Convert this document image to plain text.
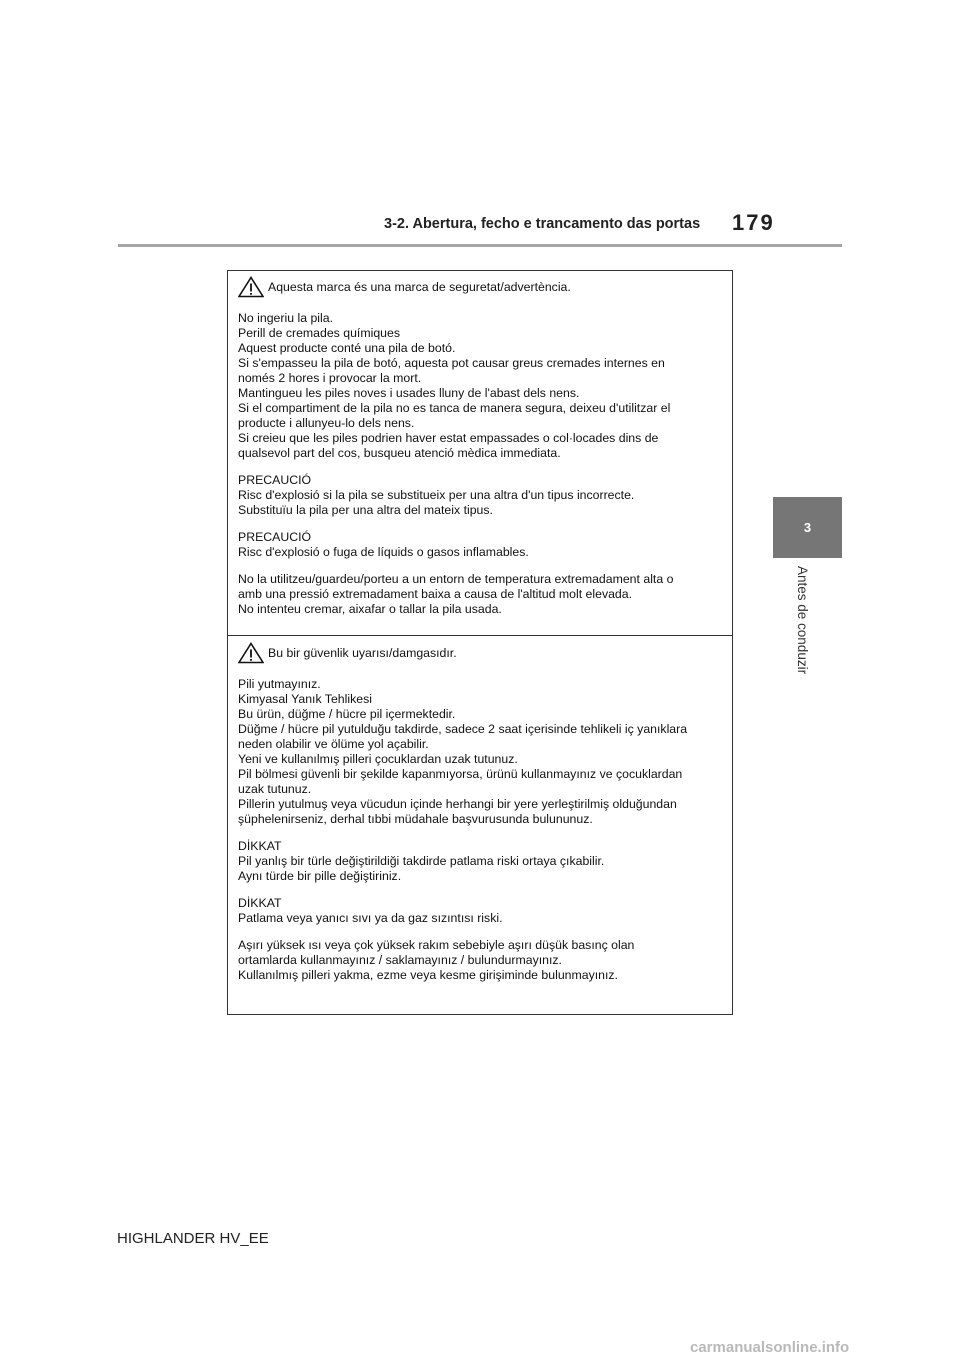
3-2. Abertura, fecho e trancamento das portas 179
3
Antes de conduzir
Aquesta marca és una marca de seguretat/advertència.

No ingeriu la pila.

Perill de cremades químiques

Aquest producte conté una pila de botó.

Si s'empasseu la pila de botó, aquesta pot causar greus cremades internes en

només 2 hores i provocar la mort.

Mantingueu les piles noves i usades lluny de l'abast dels nens.

Si el compartiment de la pila no es tanca de manera segura, deixeu d'utilitzar el

producte i allunyeu-lo dels nens.

Si creieu que les piles podrien haver estat empassades o col·locades dins de

qualsevol part del cos, busqueu atenció mèdica immediata.

PRECAUCIÓ

Risc d'explosió si la pila se substitueix per una altra d'un tipus incorrecte.

Substituïu la pila per una altra del mateix tipus.

PRECAUCIÓ

Risc d'explosió o fuga de líquids o gasos inflamables.

No la utilitzeu/guardeu/porteu a un entorn de temperatura extremadament alta o

amb una pressió extremadament baixa a causa de l'altitud molt elevada.

No intenteu cremar, aixafar o tallar la pila usada.

Bu bir güvenlik uyarısı/damgasıdır.

Pili yutmayınız.

Kimyasal Yanık Tehlikesi

Bu ürün, düğme / hücre pil içermektedir.

Düğme / hücre pil yutulduğu takdirde, sadece 2 saat içerisinde tehlikeli iç yanıklara

neden olabilir ve ölüme yol açabilir.

Yeni ve kullanılmış pilleri çocuklardan uzak tutunuz.

Pil bölmesi güvenli bir şekilde kapanmıyorsa, ürünü kullanmayınız ve çocuklardan

uzak tutunuz.

Pillerin yutulmuş veya vücudun içinde herhangi bir yere yerleştirilmiş olduğundan

şüphelenirseniz, derhal tıbbi müdahale başvurusunda bulununuz.

DİKKAT

Pil yanlış bir türle değiştirildiği takdirde patlama riski ortaya çıkabilir.

Aynı türde bir pille değiştiriniz.

DİKKAT

Patlama veya yanıcı sıvı ya da gaz sızıntısı riski.

Aşırı yüksek ısı veya çok yüksek rakım sebebiyle aşırı düşük basınç olan

ortamlarda kullanmayınız / saklamayınız / bulundurmayınız.

Kullanılmış pilleri yakma, ezme veya kesme girişiminde bulunmayınız.

HIGHLANDER HV_EE
carmanualsonline.info
